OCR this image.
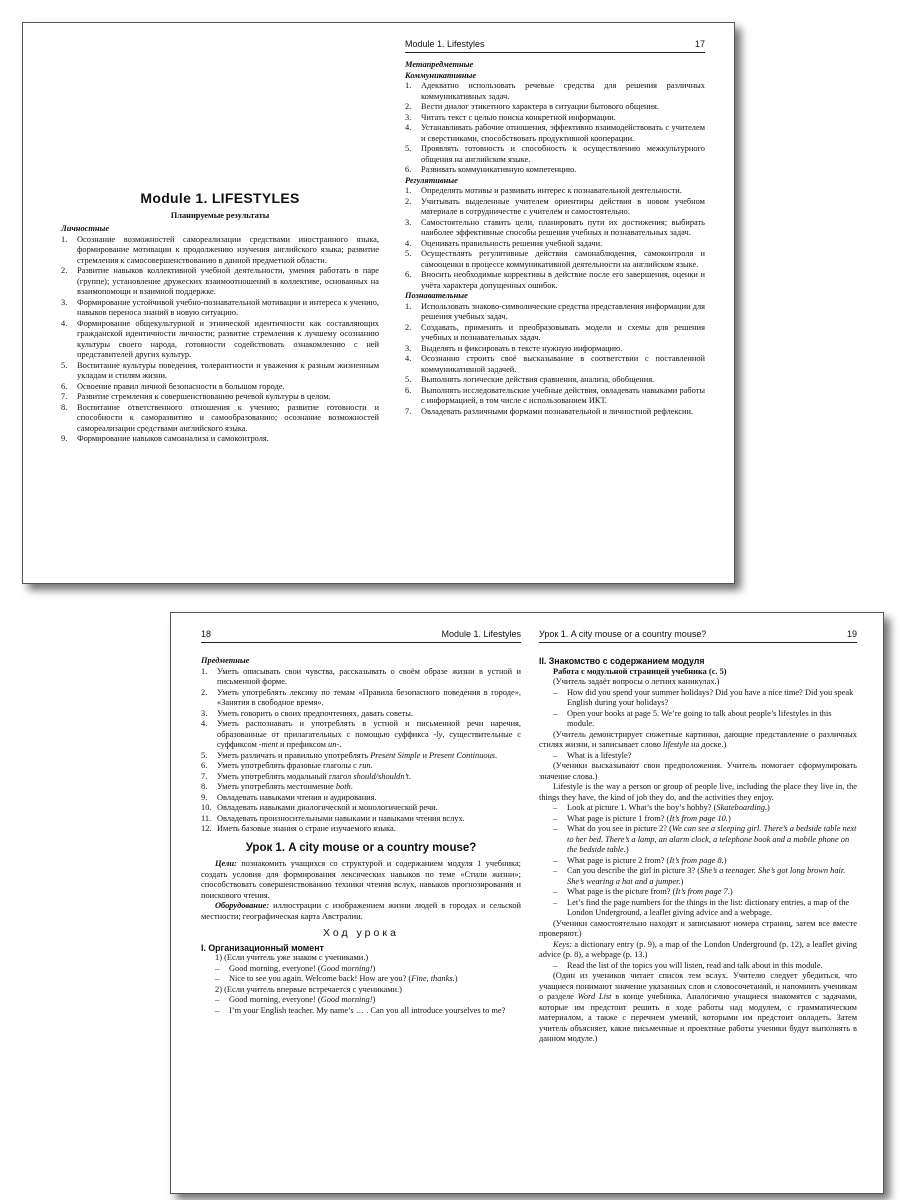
Module 1. LIFESTYLES
Планируемые результаты
Личностные
1. Осознание возможностей самореализации средствами иностранного языка, формирование мотивации к продолжению изучения английского языка; развитие стремления к самосовершенствованию в данной предметной области.
2. Развитие навыков коллективной учебной деятельности, умения работать в паре (группе); установление дружеских взаимоотношений в коллективе, основанных на взаимопомощи и взаимной поддержке.
3. Формирование устойчивой учебно-познавательной мотивации и интереса к учению, навыков переноса знаний в новую ситуацию.
4. Формирование общекультурной и этнической идентичности как составляющих гражданской идентичности личности; развитие стремления к лучшему осознанию культуры своего народа, готовности содействовать ознакомлению с ней представителей других культур.
5. Воспитание культуры поведения, толерантности и уважения к разным жизненным укладам и стилям жизни.
6. Освоение правил личной безопасности в большом городе.
7. Развитие стремления к совершенствованию речевой культуры в целом.
8. Воспитание ответственного отношения к учению; развитие готовности и способности к саморазвитию и самообразованию; осознание возможностей самореализации средствами английского языка.
9. Формирование навыков самоанализа и самоконтроля.
Module 1. Lifestyles	17
Метапредметные
Коммуникативные
1. Адекватно использовать речевые средства для решения различных коммуникативных задач.
2. Вести диалог этикетного характера в ситуации бытового общения.
3. Читать текст с целью поиска конкретной информации.
4. Устанавливать рабочие отношения, эффективно взаимодействовать с учителем и сверстниками, способствовать продуктивной кооперации.
5. Проявлять готовность и способность к осуществлению межкультурного общения на английском языке.
6. Развивать коммуникативную компетенцию.
Регулятивные
1. Определять мотивы и развивать интерес к познавательной деятельности.
2. Учитывать выделенные учителем ориентиры действия в новом учебном материале в сотрудничестве с учителем и самостоятельно.
3. Самостоятельно ставить цели, планировать пути их достижения; выбирать наиболее эффективные способы решения учебных и познавательных задач.
4. Оценивать правильность решения учебной задачи.
5. Осуществлять регулятивные действия самонаблюдения, самоконтроля и самооценки в процессе коммуникативной деятельности на английском языке.
6. Вносить необходимые коррективы в действие после его завершения, оценки и учёта характера допущенных ошибок.
Познавательные
1. Использовать знаково-символические средства представления информации для решения учебных задач.
2. Создавать, применять и преобразовывать модели и схемы для решения учебных и познавательных задач.
3. Выделять и фиксировать в тексте нужную информацию.
4. Осознанно строить своё высказывание в соответствии с поставленной коммуникативной задачей.
5. Выполнять логические действия сравнения, анализа, обобщения.
6. Выполнять исследовательские учебные действия, овладевать навыками работы с информацией, в том числе с использованием ИКТ.
7. Овладевать различными формами познавательной и личностной рефлексии.
18	Module 1. Lifestyles
Предметные
1. Уметь описывать свои чувства, рассказывать о своём образе жизни в устной и письменной форме.
2. Уметь употреблять лексику по темам «Правила безопасного поведения в городе», «Занятия в свободное время».
3. Уметь говорить о своих предпочтениях, давать советы.
4. Уметь распознавать и употреблять в устной и письменной речи наречия, образованные от прилагательных с помощью суффикса -ly, существительные с суффиксом -ment и префиксом un-.
5. Уметь различать и правильно употреблять Present Simple и Present Continuous.
6. Уметь употреблять фразовые глаголы с run.
7. Уметь употреблять модальный глагол should/shouldn’t.
8. Уметь употреблять местоимение both.
9. Овладевать навыками чтения и аудирования.
10. Овладевать навыками диалогической и монологической речи.
11. Овладевать произносительными навыками и навыками чтения вслух.
12. Иметь базовые знания о стране изучаемого языка.
Урок 1. A city mouse or a country mouse?
Цели: познакомить учащихся со структурой и содержанием модуля 1 учебника; создать условия для формирования лексических навыков по теме «Стили жизни»; способствовать совершенствованию техники чтения вслух, навыков прогнозирования и поискового чтения.
Оборудование: иллюстрации с изображением жизни людей в городах и сельской местности; географическая карта Австралии.
Ход урока
I. Организационный момент
1) (Если учитель уже знаком с учениками.)
– Good morning, everyone! (Good morning!)
– Nice to see you again. Welcome back! How are you? (Fine, thanks.)
2) (Если учитель впервые встречается с учениками.)
– Good morning, everyone! (Good morning!)
– I’m your English teacher. My name’s … . Can you all introduce yourselves to me?
Урок 1. A city mouse or a country mouse?	19
II. Знакомство с содержанием модуля
Работа с модульной страницей учебника (с. 5)
(Учитель задаёт вопросы о летних каникулах.)
– How did you spend your summer holidays? Did you have a nice time? Did you speak English during your holidays?
– Open your books at page 5. We’re going to talk about people’s lifestyles in this module.
(Учитель демонстрирует сюжетные картинки, дающие представление о различных стилях жизни, и записывает слово lifestyle на доске.)
– What is a lifestyle?
(Ученики высказывают свои предположения. Учитель помогает сформулировать значение слова.)
Lifestyle is the way a person or group of people live, including the place they live in, the things they have, the kind of job they do, and the activities they enjoy.
– Look at picture 1. What’s the boy’s hobby? (Skateboarding.)
– What page is picture 1 from? (It’s from page 10.)
– What do you see in picture 2? (We can see a sleeping girl. There’s a bedside table next to her bed. There’s a lamp, an alarm clock, a telephone book and a mobile phone on the bedside table.)
– What page is picture 2 from? (It’s from page 8.)
– Can you describe the girl in picture 3? (She’s a teenager. She’s got long brown hair. She’s wearing a hat and a jumper.)
– What page is the picture from? (It’s from page 7.)
– Let’s find the page numbers for the things in the list: dictionary entries, a map of the London Underground, a leaflet giving advice and a webpage.
(Ученики самостоятельно находят и записывают номера страниц, затем все вместе проверяют.)
Keys: a dictionary entry (p. 9), a map of the London Underground (p. 12), a leaflet giving advice (p. 8), a webpage (p. 13.)
– Read the list of the topics you will listen, read and talk about in this module.
(Один из учеников читает список тем вслух. Учителю следует убедиться, что учащиеся понимают значение указанных слов и словосочетаний, и напомнить ученикам о разделе Word List в конце учебника. Аналогично учащиеся знакомятся с задачами, которые им предстоит решить в ходе работы над модулем, с грамматическим материалом, а также с перечнем умений, которыми им предстоит овладеть. Затем учитель объясняет, какие письменные и проектные работы ученики будут выполнять в данном модуле.)
